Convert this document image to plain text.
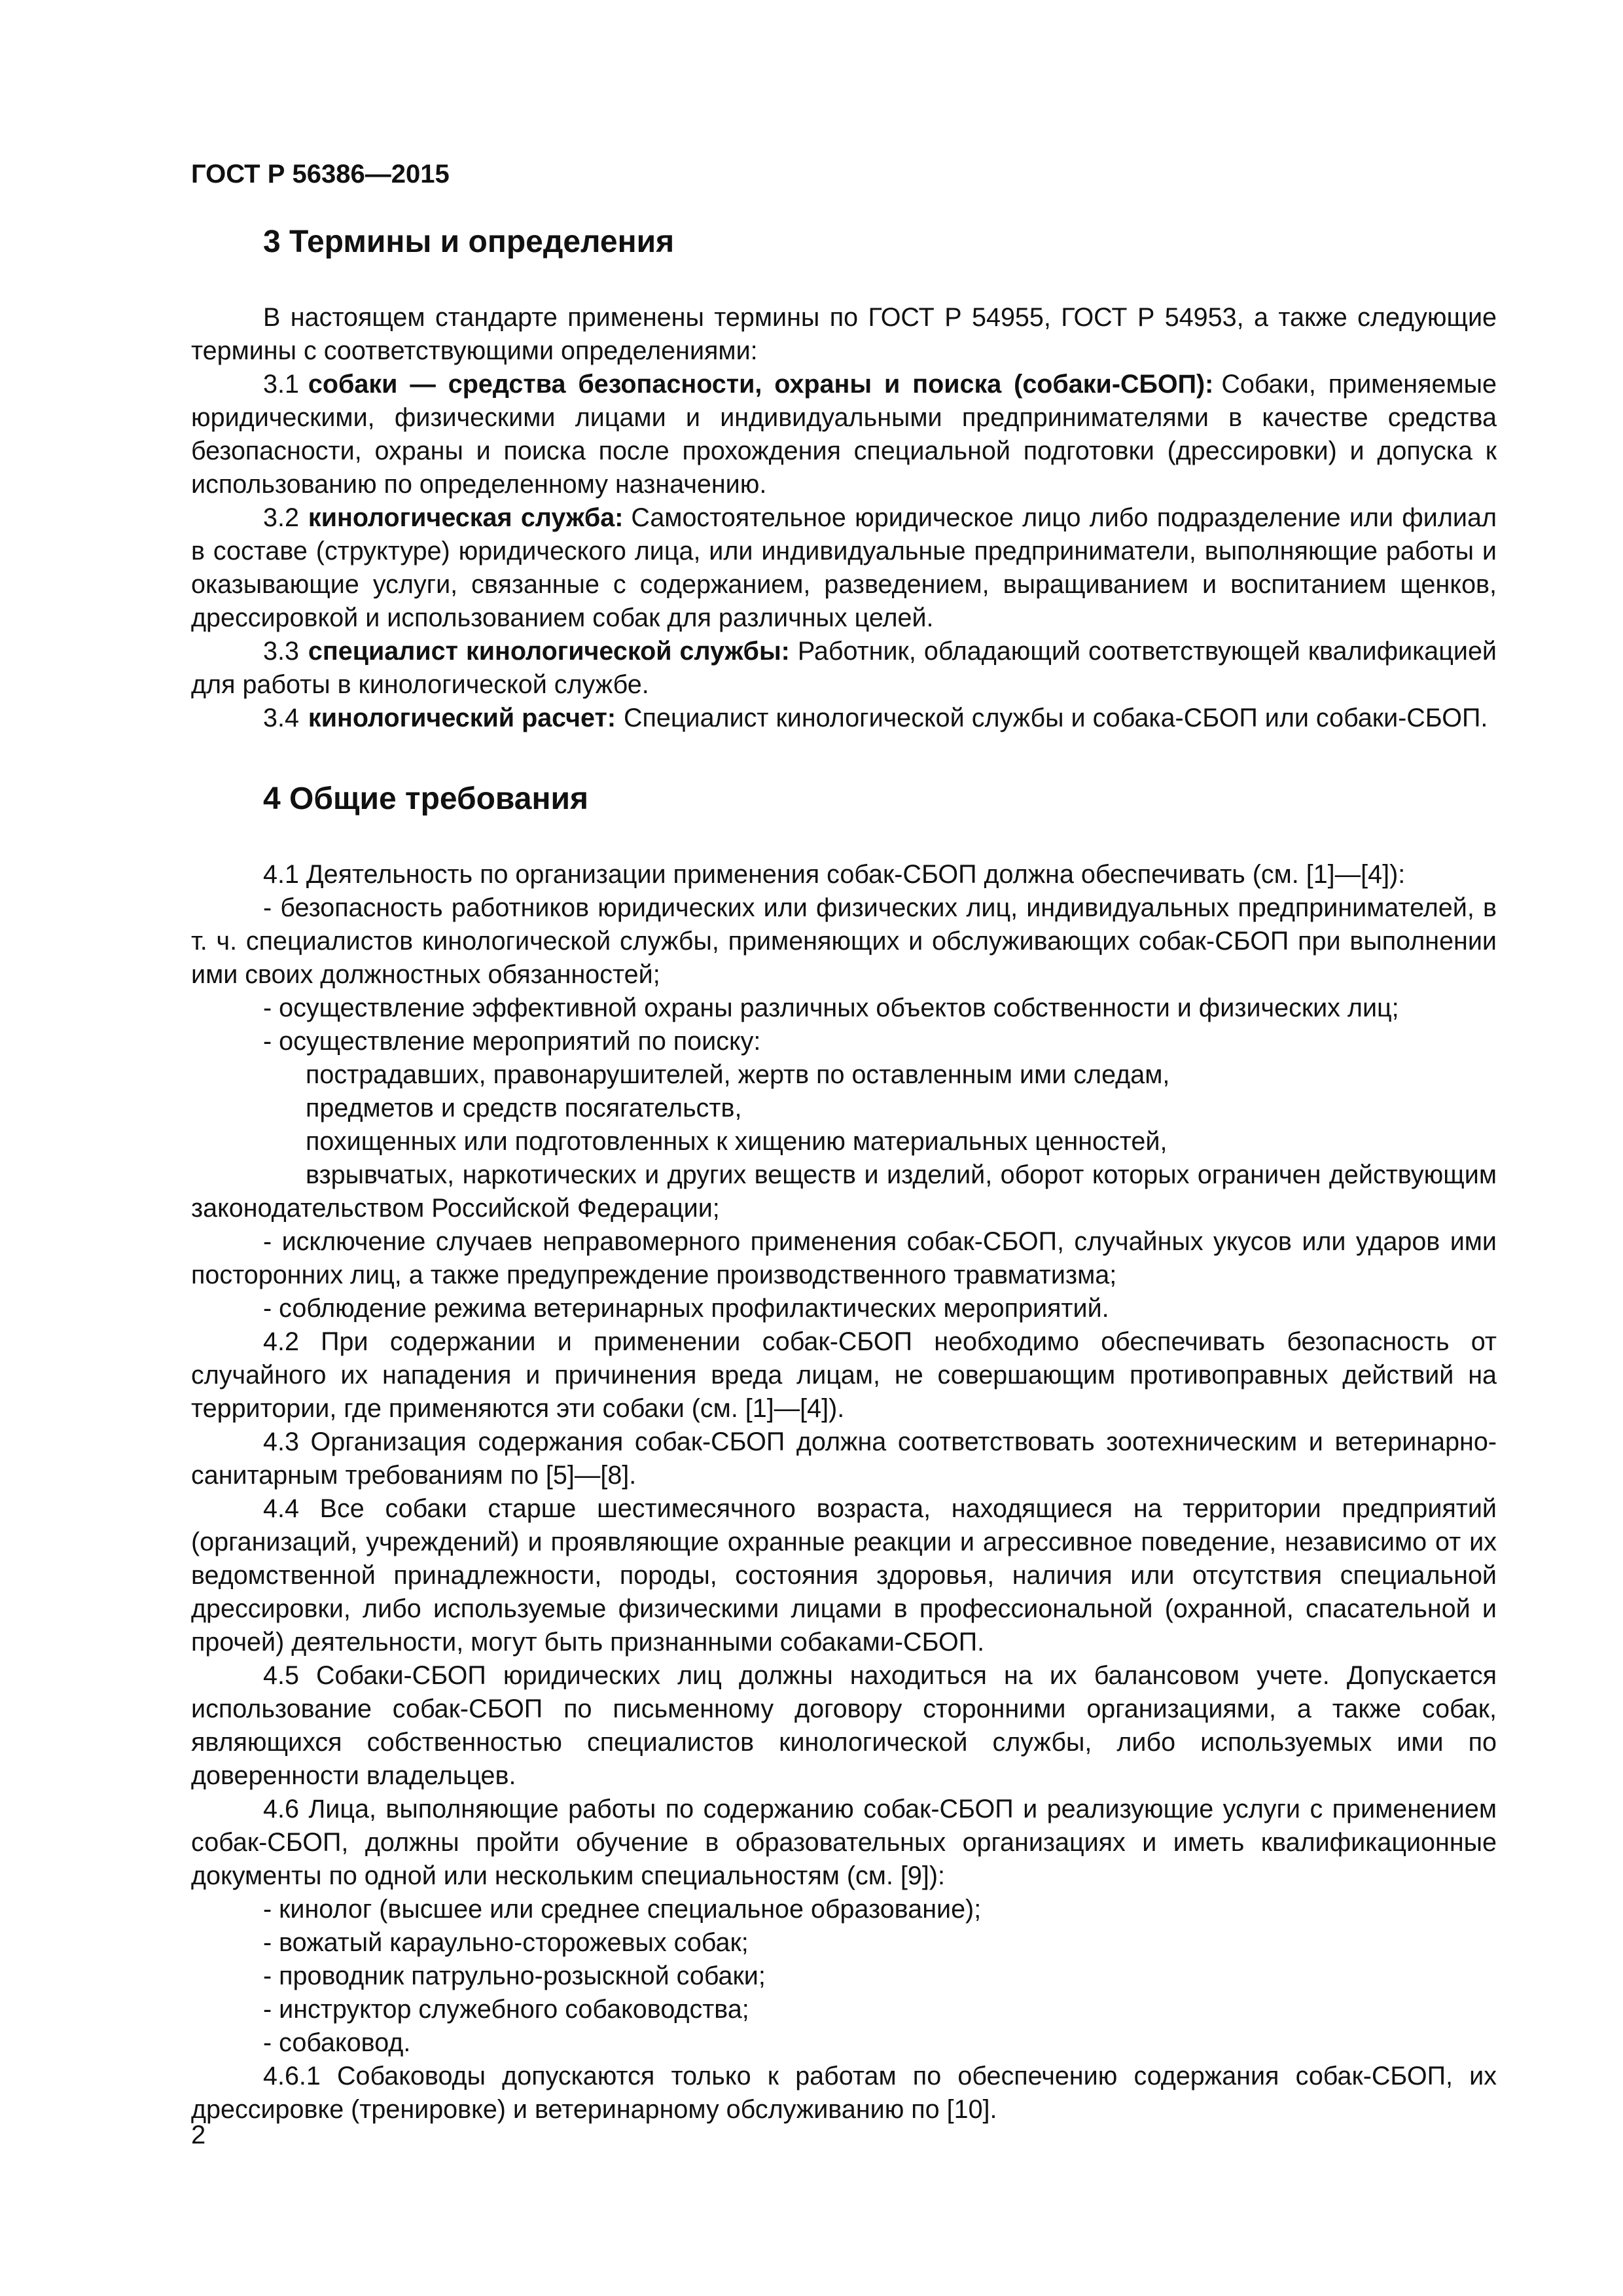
ГОСТ Р 56386—2015
3 Термины и определения

В настоящем стандарте применены термины по ГОСТ Р 54955, ГОСТ Р 54953, а также следующие термины с соответствующими определениями:

3.1 собаки — средства безопасности, охраны и поиска (собаки-СБОП): Собаки, применяемые юридическими, физическими лицами и индивидуальными предпринимателями в качестве средства безопасности, охраны и поиска после прохождения специальной подготовки (дрессировки) и допуска к использованию по определенному назначению.

3.2 кинологическая служба: Самостоятельное юридическое лицо либо подразделение или филиал в составе (структуре) юридического лица, или индивидуальные предприниматели, выполняющие работы и оказывающие услуги, связанные с содержанием, разведением, выращиванием и воспитанием щенков, дрессировкой и использованием собак для различных целей.

3.3 специалист кинологической службы: Работник, обладающий соответствующей квалификацией для работы в кинологической службе.

3.4 кинологический расчет: Специалист кинологической службы и собака-СБОП или собаки-СБОП.

4 Общие требования

4.1 Деятельность по организации применения собак-СБОП должна обеспечивать (см. [1]—[4]):

- безопасность работников юридических или физических лиц, индивидуальных предпринимателей, в т. ч. специалистов кинологической службы, применяющих и обслуживающих собак-СБОП при выполнении ими своих должностных обязанностей;

- осуществление эффективной охраны различных объектов собственности и физических лиц;

- осуществление мероприятий по поиску:

пострадавших, правонарушителей, жертв по оставленным ими следам,

предметов и средств посягательств,

похищенных или подготовленных к хищению материальных ценностей,

взрывчатых, наркотических и других веществ и изделий, оборот которых ограничен действующим законодательством Российской Федерации;

- исключение случаев неправомерного применения собак-СБОП, случайных укусов или ударов ими посторонних лиц, а также предупреждение производственного травматизма;

- соблюдение режима ветеринарных профилактических мероприятий.

4.2 При содержании и применении собак-СБОП необходимо обеспечивать безопасность от случайного их нападения и причинения вреда лицам, не совершающим противоправных действий на территории, где применяются эти собаки (см. [1]—[4]).

4.3 Организация содержания собак-СБОП должна соответствовать зоотехническим и ветеринарно-санитарным требованиям по [5]—[8].

4.4 Все собаки старше шестимесячного возраста, находящиеся на территории предприятий (организаций, учреждений) и проявляющие охранные реакции и агрессивное поведение, независимо от их ведомственной принадлежности, породы, состояния здоровья, наличия или отсутствия специальной дрессировки, либо используемые физическими лицами в профессиональной (охранной, спасательной и прочей) деятельности, могут быть признанными собаками-СБОП.

4.5 Собаки-СБОП юридических лиц должны находиться на их балансовом учете. Допускается использование собак-СБОП по письменному договору сторонними организациями, а также собак, являющихся собственностью специалистов кинологической службы, либо используемых ими по доверенности владельцев.

4.6 Лица, выполняющие работы по содержанию собак-СБОП и реализующие услуги с применением собак-СБОП, должны пройти обучение в образовательных организациях и иметь квалификационные документы по одной или нескольким специальностям (см. [9]):

- кинолог (высшее или среднее специальное образование);

- вожатый караульно-сторожевых собак;

- проводник патрульно-розыскной собаки;

- инструктор служебного собаководства;

- собаковод.

4.6.1 Собаководы допускаются только к работам по обеспечению содержания собак-СБОП, их дрессировке (тренировке) и ветеринарному обслуживанию по [10].

2
